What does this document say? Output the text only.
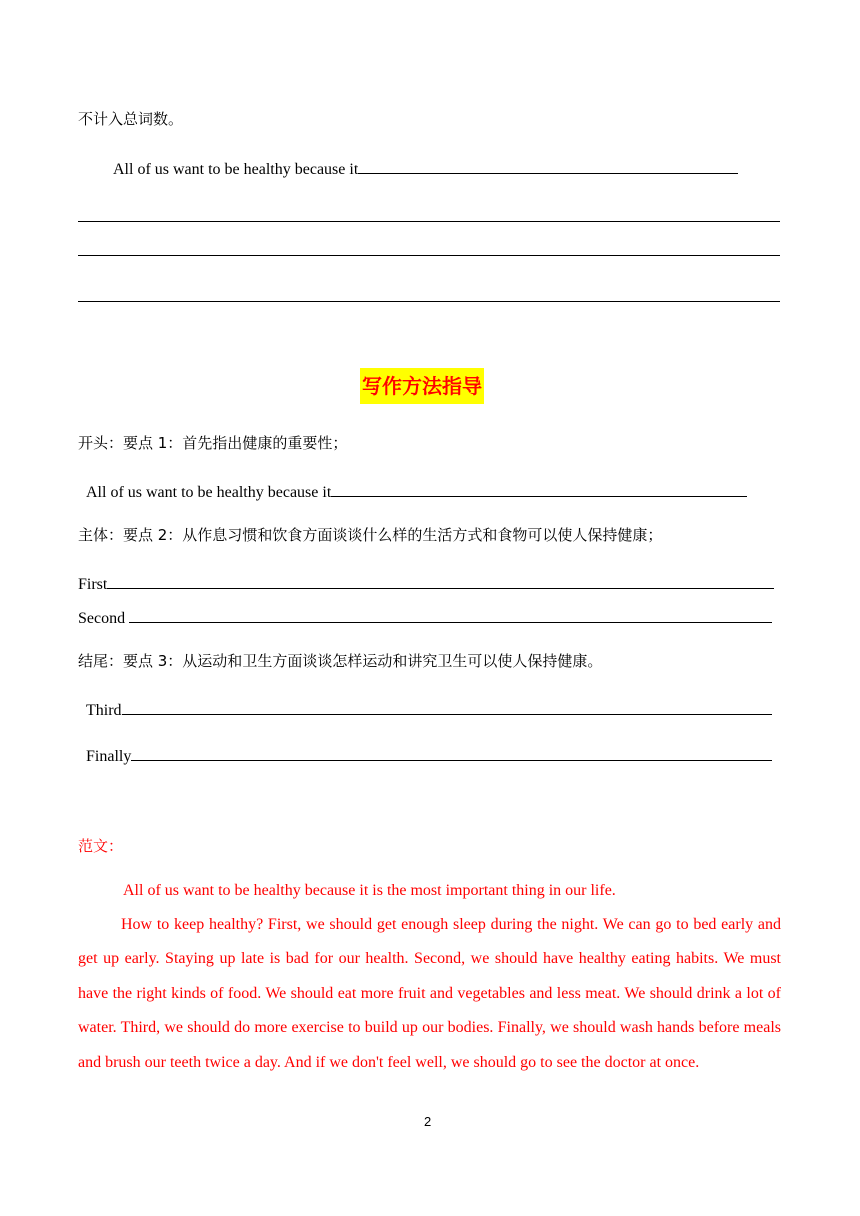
不计入总词数。
All of us want to be healthy because it
写作方法指导
开头：要点 1：首先指出健康的重要性；
All of us want to be healthy because it
主体：要点 2：从作息习惯和饮食方面谈谈什么样的生活方式和食物可以使人保持健康；
First
Second
结尾：要点 3：从运动和卫生方面谈谈怎样运动和讲究卫生可以使人保持健康。
Third
Finally
范文：
All of us want to be healthy because it is the most important thing in our life.
How to keep healthy? First, we should get enough sleep during the night. We can go to bed early and get up early. Staying up late is bad for our health. Second, we should have healthy eating habits. We must have the right kinds of food. We should eat more fruit and vegetables and less meat. We should drink a lot of water. Third, we should do more exercise to build up our bodies. Finally, we should wash hands before meals and brush our teeth twice a day. And if we don't feel well, we should go to see the doctor at once.
2
